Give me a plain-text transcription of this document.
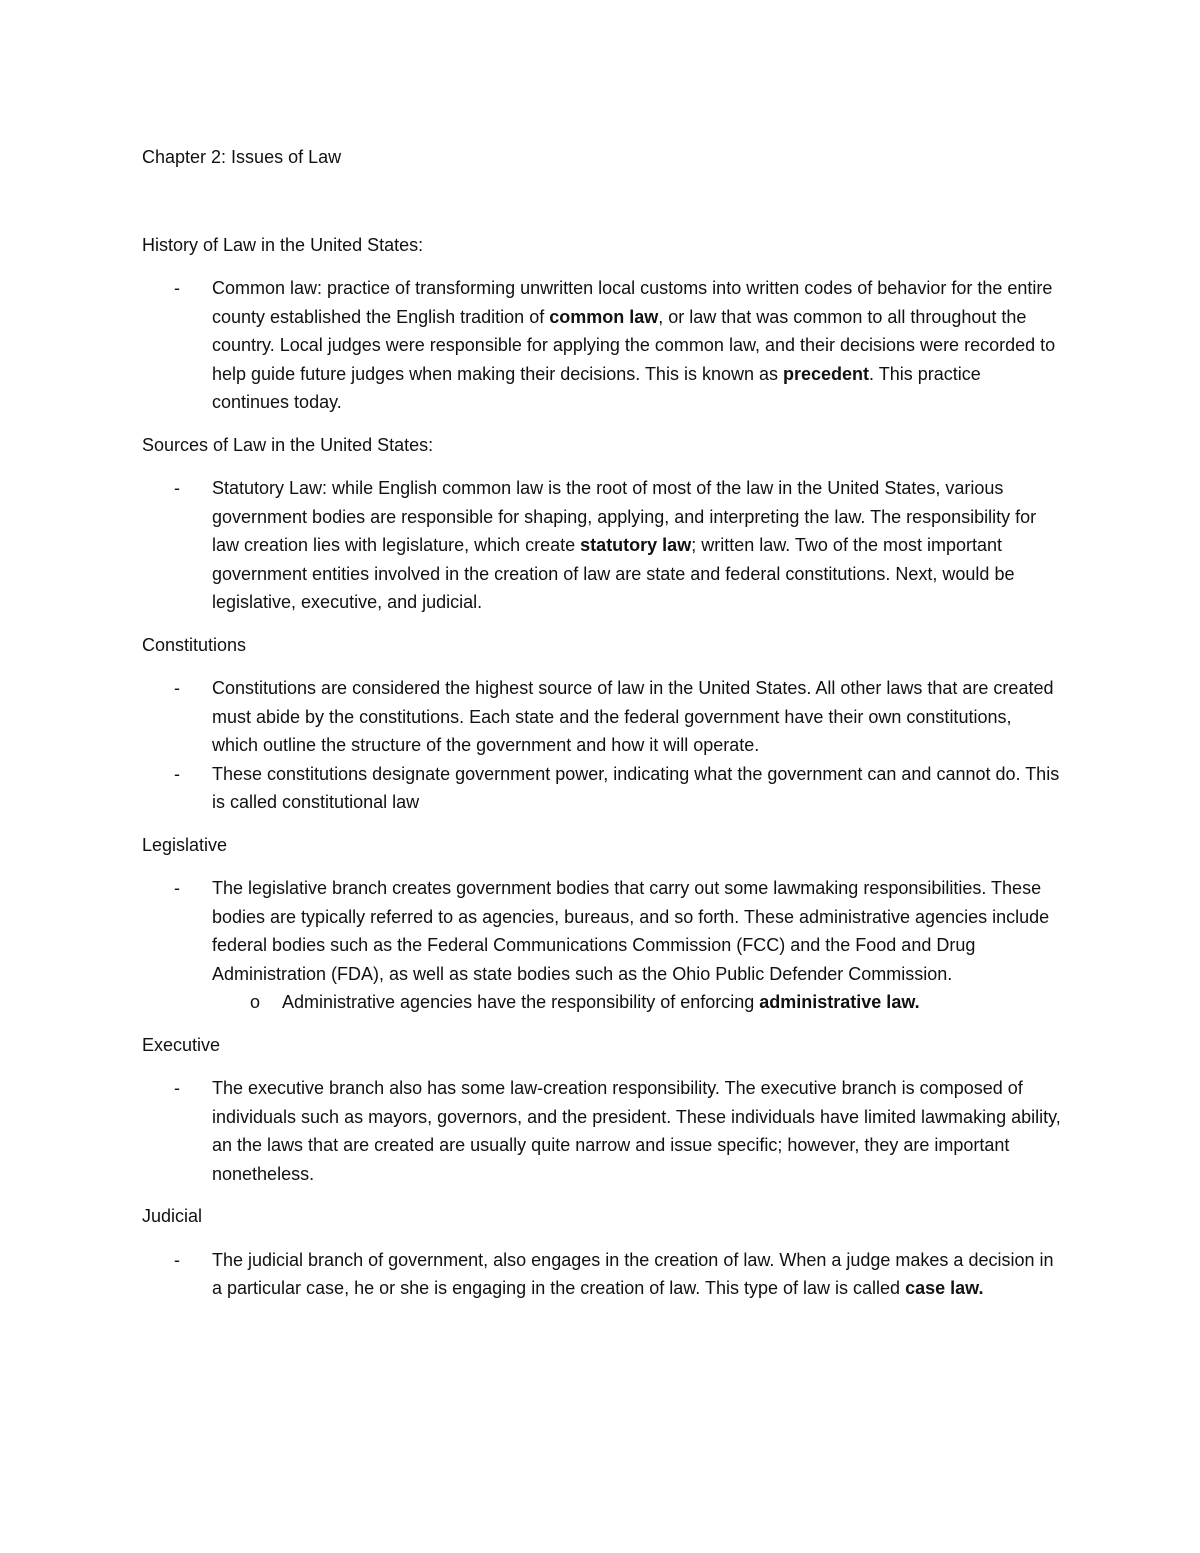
Chapter 2: Issues of Law

History of Law in the United States:

- Common law: practice of transforming unwritten local customs into written codes of behavior for the entire county established the English tradition of common law, or law that was common to all throughout the country. Local judges were responsible for applying the common law, and their decisions were recorded to help guide future judges when making their decisions. This is known as precedent. This practice continues today.

Sources of Law in the United States:

- Statutory Law: while English common law is the root of most of the law in the United States, various government bodies are responsible for shaping, applying, and interpreting the law. The responsibility for law creation lies with legislature, which create statutory law; written law. Two of the most important government entities involved in the creation of law are state and federal constitutions. Next, would be legislative, executive, and judicial.

Constitutions

- Constitutions are considered the highest source of law in the United States. All other laws that are created must abide by the constitutions. Each state and the federal government have their own constitutions, which outline the structure of the government and how it will operate.
- These constitutions designate government power, indicating what the government can and cannot do. This is called constitutional law

Legislative

- The legislative branch creates government bodies that carry out some lawmaking responsibilities. These bodies are typically referred to as agencies, bureaus, and so forth. These administrative agencies include federal bodies such as the Federal Communications Commission (FCC) and the Food and Drug Administration (FDA), as well as state bodies such as the Ohio Public Defender Commission.
o Administrative agencies have the responsibility of enforcing administrative law.

Executive

- The executive branch also has some law-creation responsibility. The executive branch is composed of individuals such as mayors, governors, and the president. These individuals have limited lawmaking ability, an the laws that are created are usually quite narrow and issue specific; however, they are important nonetheless.

Judicial

- The judicial branch of government, also engages in the creation of law. When a judge makes a decision in a particular case, he or she is engaging in the creation of law. This type of law is called case law.
